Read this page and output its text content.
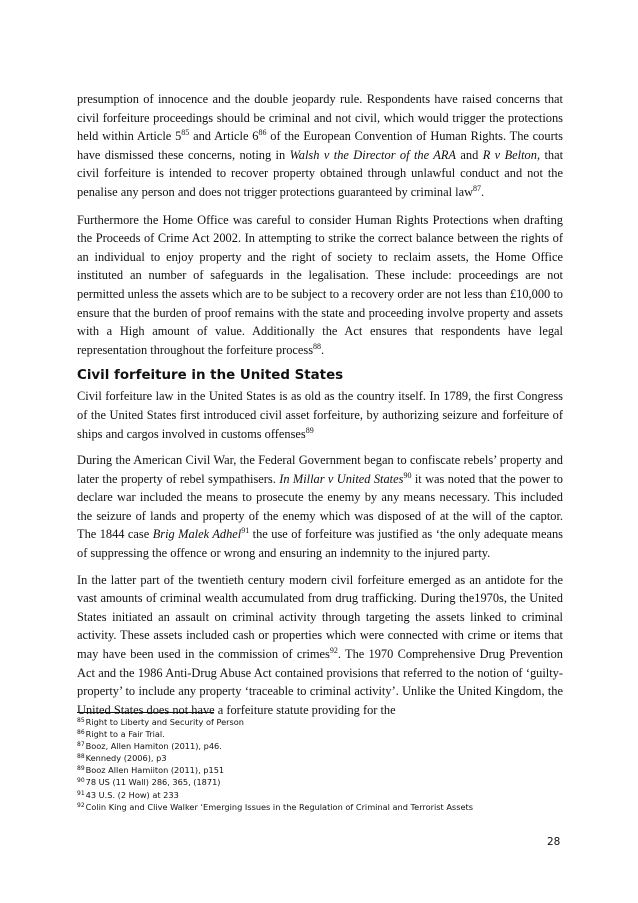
presumption of innocence and the double jeopardy rule. Respondents have raised concerns that civil forfeiture proceedings should be criminal and not civil, which would trigger the protections held within Article $5^{85}$ and Article $6^{86}$ of the European Convention of Human Rights. The courts have dismissed these concerns, noting in Walsh v the Director of the ARA and R v Belton, that civil forfeiture is intended to recover property obtained through unlawful conduct and not the penalise any person and does not trigger protections guaranteed by criminal law$^{87}$.

Furthermore the Home Office was careful to consider Human Rights Protections when drafting the Proceeds of Crime Act 2002. In attempting to strike the correct balance between the rights of an individual to enjoy property and the right of society to reclaim assets, the Home Office instituted an number of safeguards in the legalisation. These include: proceedings are not permitted unless the assets which are to be subject to a recovery order are not less than £10,000 to ensure that the burden of proof remains with the state and proceeding involve property and assets with a High amount of value. Additionally the Act ensures that respondents have legal representation throughout the forfeiture process$^{88}$.

Civil forfeiture in the United States

Civil forfeiture law in the United States is as old as the country itself. In 1789, the first Congress of the United States first introduced civil asset forfeiture, by authorizing seizure and forfeiture of ships and cargos involved in customs offenses$^{89}$

During the American Civil War, the Federal Government began to confiscate rebels’ property and later the property of rebel sympathisers. In Millar v United States$^{90}$ it was noted that the power to declare war included the means to prosecute the enemy by any means necessary. This included the seizure of lands and property of the enemy which was disposed of at the will of the captor. The 1844 case Brig Malek Adhel$^{91}$ the use of forfeiture was justified as ‘the only adequate means of suppressing the offence or wrong and ensuring an indemnity to the injured party.

In the latter part of the twentieth century modern civil forfeiture emerged as an antidote for the vast amounts of criminal wealth accumulated from drug trafficking. During the1970s, the United States initiated an assault on criminal activity through targeting the assets linked to criminal activity. These assets included cash or properties which were connected with crime or items that may have been used in the commission of crimes$^{92}$. The 1970 Comprehensive Drug Prevention Act and the 1986 Anti-Drug Abuse Act contained provisions that referred to the notion of ‘guilty-property’ to include any property ‘traceable to criminal activity’. Unlike the United Kingdom, the United States does not have a forfeiture statute providing for the

$^{85}$Right to Liberty and Security of Person
$^{86}$Right to a Fair Trial.
$^{87}$Booz, Allen Hamiton (2011), p46.
$^{88}$Kennedy (2006), p3
$^{89}$Booz Allen Hamiiton (2011), p151
$^{90}$78 US (11 Wall) 286, 365, (1871)
$^{91}$43 U.S. (2 How) at 233
$^{92}$Colin King and Clive Walker ‘Emerging Issues in the Regulation of Criminal and Terrorist Assets
28
